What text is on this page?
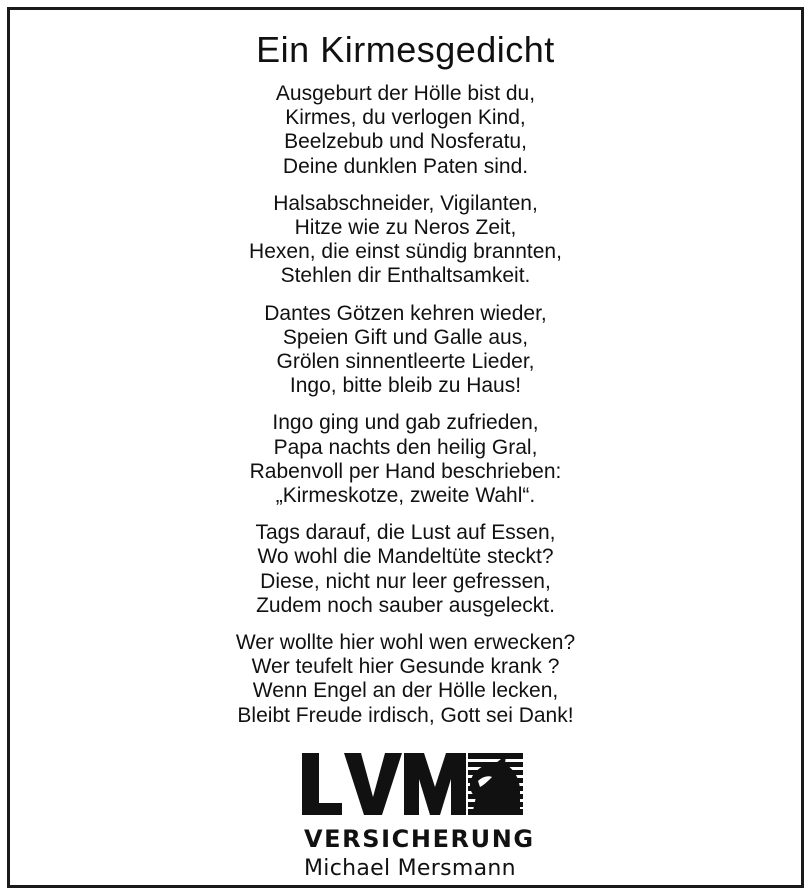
Ein Kirmesgedicht
Ausgeburt der Hölle bist du,
Kirmes, du verlogen Kind,
Beelzebub und Nosferatu,
Deine dunklen Paten sind.
Halsabschneider, Vigilanten,
Hitze wie zu Neros Zeit,
Hexen, die einst sündig brannten,
Stehlen dir Enthaltsamkeit.
Dantes Götzen kehren wieder,
Speien Gift und Galle aus,
Grölen sinnentleerte Lieder,
Ingo, bitte bleib zu Haus!
Ingo ging und gab zufrieden,
Papa nachts den heilig Gral,
Rabenvoll per Hand beschrieben:
„Kirmeskotze, zweite Wahl“.
Tags darauf, die Lust auf Essen,
Wo wohl die Mandeltüte steckt?
Diese, nicht nur leer gefressen,
Zudem noch sauber ausgeleckt.
Wer wollte hier wohl wen erwecken?
Wer teufelt hier Gesunde krank ?
Wenn Engel an der Hölle lecken,
Bleibt Freude irdisch, Gott sei Dank!
VERSICHERUNG
Michael Mersmann
